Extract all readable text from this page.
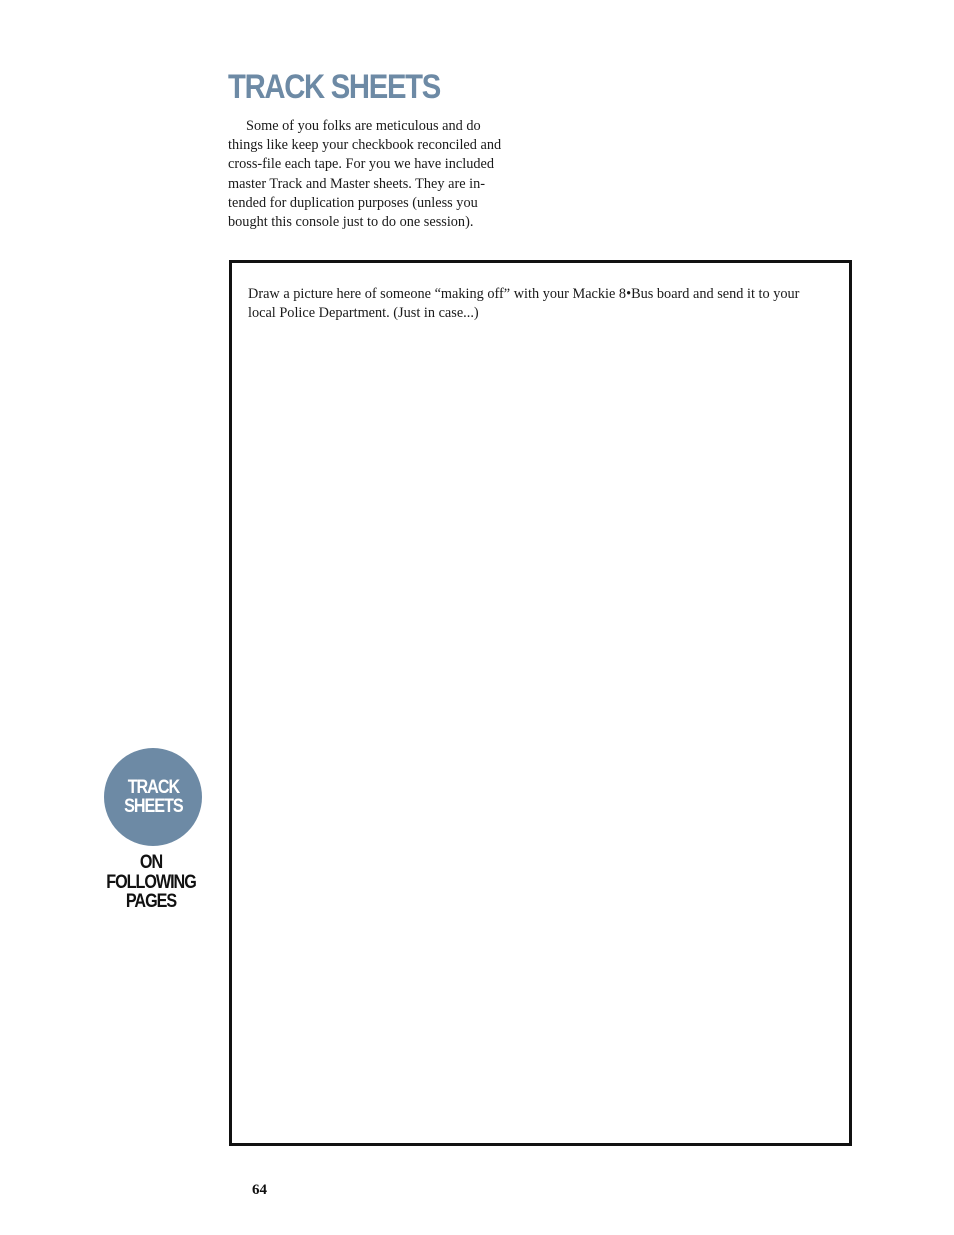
TRACK SHEETS

Some of you folks are meticulous and do
things like keep your checkbook reconciled and
cross-file each tape. For you we have included
master Track and Master sheets. They are in-
tended for duplication purposes (unless you
bought this console just to do one session).

Draw a picture here of someone “making off” with your Mackie 8•Bus board and send it to your
local Police Department. (Just in case...)

TRACK
SHEETS
ON
FOLLOWING
PAGES
64
